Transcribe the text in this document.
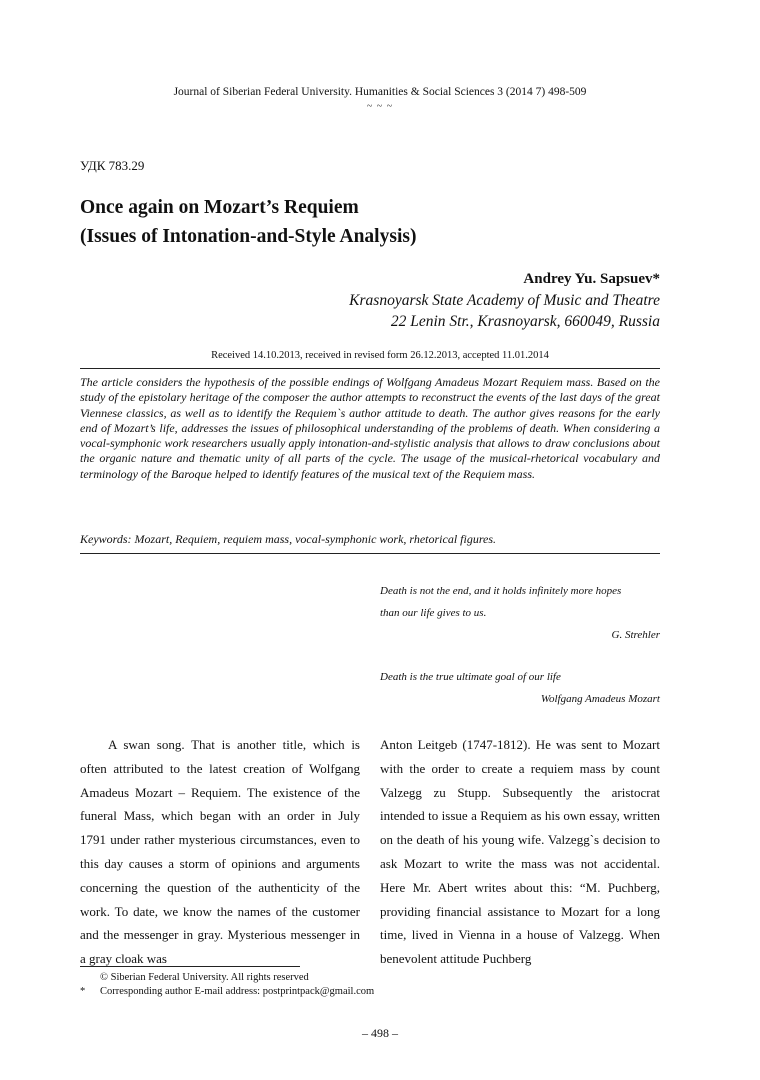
Journal of Siberian Federal University. Humanities & Social Sciences 3 (2014 7) 498-509
~ ~ ~
УДК 783.29
Once again on Mozart’s Requiem
(Issues of Intonation-and-Style Analysis)
Andrey Yu. Sapsuev*
Krasnoyarsk State Academy of Music and Theatre
22 Lenin Str., Krasnoyarsk, 660049, Russia
Received 14.10.2013, received in revised form 26.12.2013, accepted 11.01.2014
The article considers the hypothesis of the possible endings of Wolfgang Amadeus Mozart Requiem mass. Based on the study of the epistolary heritage of the composer the author attempts to reconstruct the events of the last days of the great Viennese classics, as well as to identify the Requiem`s author attitude to death. The author gives reasons for the early end of Mozart’s life, addresses the issues of philosophical understanding of the problems of death. When considering a vocal-symphonic work researchers usually apply intonation-and-stylistic analysis that allows to draw conclusions about the organic nature and thematic unity of all parts of the cycle. The usage of the musical-rhetorical vocabulary and terminology of the Baroque helped to identify features of the musical text of the Requiem mass.
Keywords: Mozart, Requiem, requiem mass, vocal-symphonic work, rhetorical figures.
Death is not the end, and it holds infinitely more hopes
than our life gives to us.
G. Strehler
Death is the true ultimate goal of our life
Wolfgang Amadeus Mozart
A swan song. That is another title, which is often attributed to the latest creation of Wolfgang Amadeus Mozart – Requiem. The existence of the funeral Mass, which began with an order in July 1791 under rather mysterious circumstances, even to this day causes a storm of opinions and arguments concerning the question of the authenticity of the work. To date, we know the names of the customer and the messenger in gray. Mysterious messenger in a gray cloak was
Anton Leitgeb (1747-1812). He was sent to Mozart with the order to create a requiem mass by count Valzegg zu Stupp. Subsequently the aristocrat intended to issue a Requiem as his own essay, written on the death of his young wife. Valzegg`s decision to ask Mozart to write the mass was not accidental. Here Mr. Abert writes about this: “M. Puchberg, providing financial assistance to Mozart for a long time, lived in Vienna in a house of Valzegg. When benevolent attitude Puchberg
© Siberian Federal University. All rights reserved
* Corresponding author E-mail address: postprintpack@gmail.com
– 498 –
